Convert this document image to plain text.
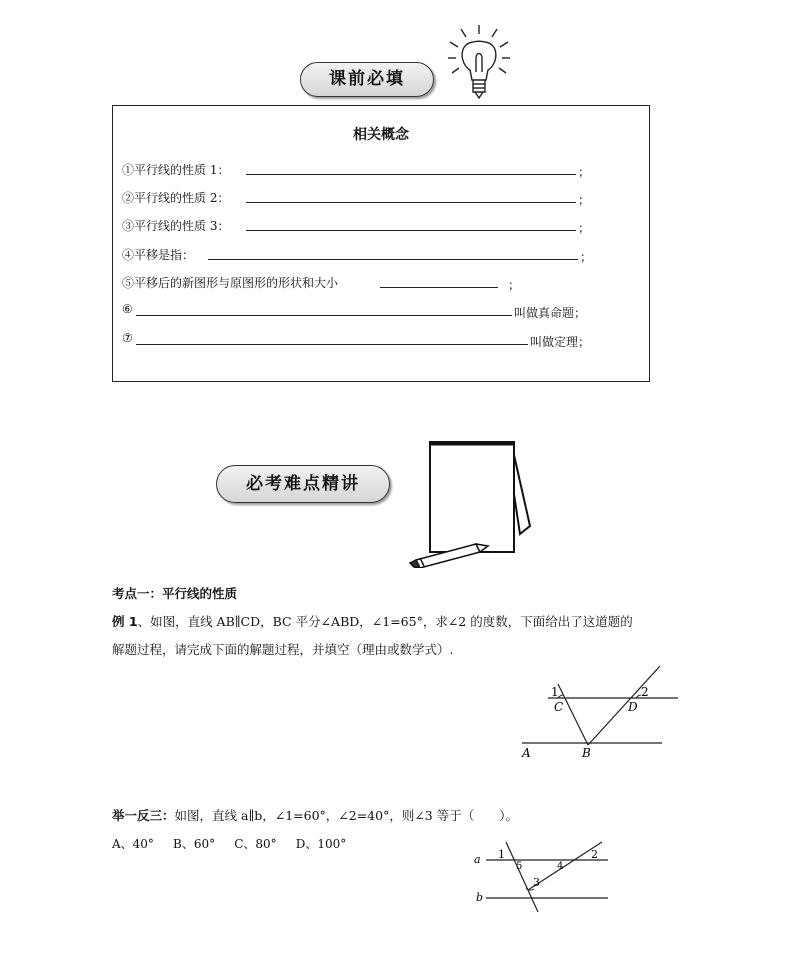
课前必填
相关概念
①平行线的性质 1：	；
②平行线的性质 2：	；
③平行线的性质 3：	；
④平移是指：	；
⑤平移后的新图形与原图形的形状和大小	；
⑥	叫做真命题；
⑦	叫做定理；
必考难点精讲
考点一：平行线的性质
例 1、如图，直线 AB∥CD，BC 平分∠ABD，∠1=65°，求∠2 的度数，下面给出了这道题的
解题过程，请完成下面的解题过程，并填空（理由或数学式）.
1	2
C	D
A	B
举一反三：如图，直线 a∥b，∠1=60°，∠2=40°，则∠3 等于（　　）。
A、40° B、60° C、80° D、100°
a
b
1	2
3
4
5
